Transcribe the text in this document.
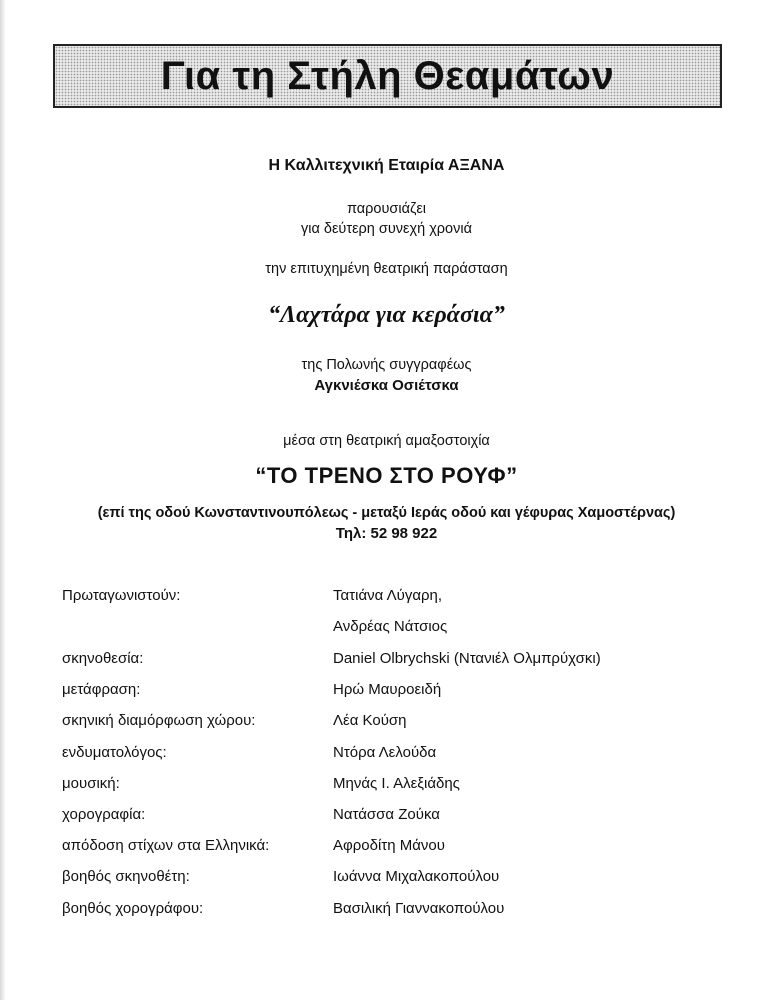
Για τη Στήλη Θεαμάτων
Η Καλλιτεχνική Εταιρία ΑΞΑΝΑ
παρουσιάζει
για δεύτερη συνεχή χρονιά
την επιτυχημένη θεατρική παράσταση
“Λαχτάρα για κεράσια”
της Πολωνής συγγραφέως
Αγκνιέσκα Οσιέτσκα
μέσα στη θεατρική αμαξοστοιχία
“ΤΟ ΤΡΕΝΟ ΣΤΟ ΡΟΥΦ”
(επί της οδού Κωνσταντινουπόλεως - μεταξύ Ιεράς οδού και γέφυρας Χαμοστέρνας)
Τηλ: 52 98 922
Πρωταγωνιστούν:	Τατιάνα Λύγαρη,
Ανδρέας Νάτσιος
σκηνοθεσία:	Daniel Olbrychski (Ντανιέλ Ολμπρύχσκι)
μετάφραση:	Ηρώ Μαυροειδή
σκηνική διαμόρφωση χώρου:	Λέα Κούση
ενδυματολόγος:	Ντόρα Λελούδα
μουσική:	Μηνάς Ι. Αλεξιάδης
χορογραφία:	Νατάσσα Ζούκα
απόδοση στίχων στα Ελληνικά:	Αφροδίτη Μάνου
βοηθός σκηνοθέτη:	Ιωάννα Μιχαλακοπούλου
βοηθός χορογράφου:	Βασιλική Γιαννακοπούλου
